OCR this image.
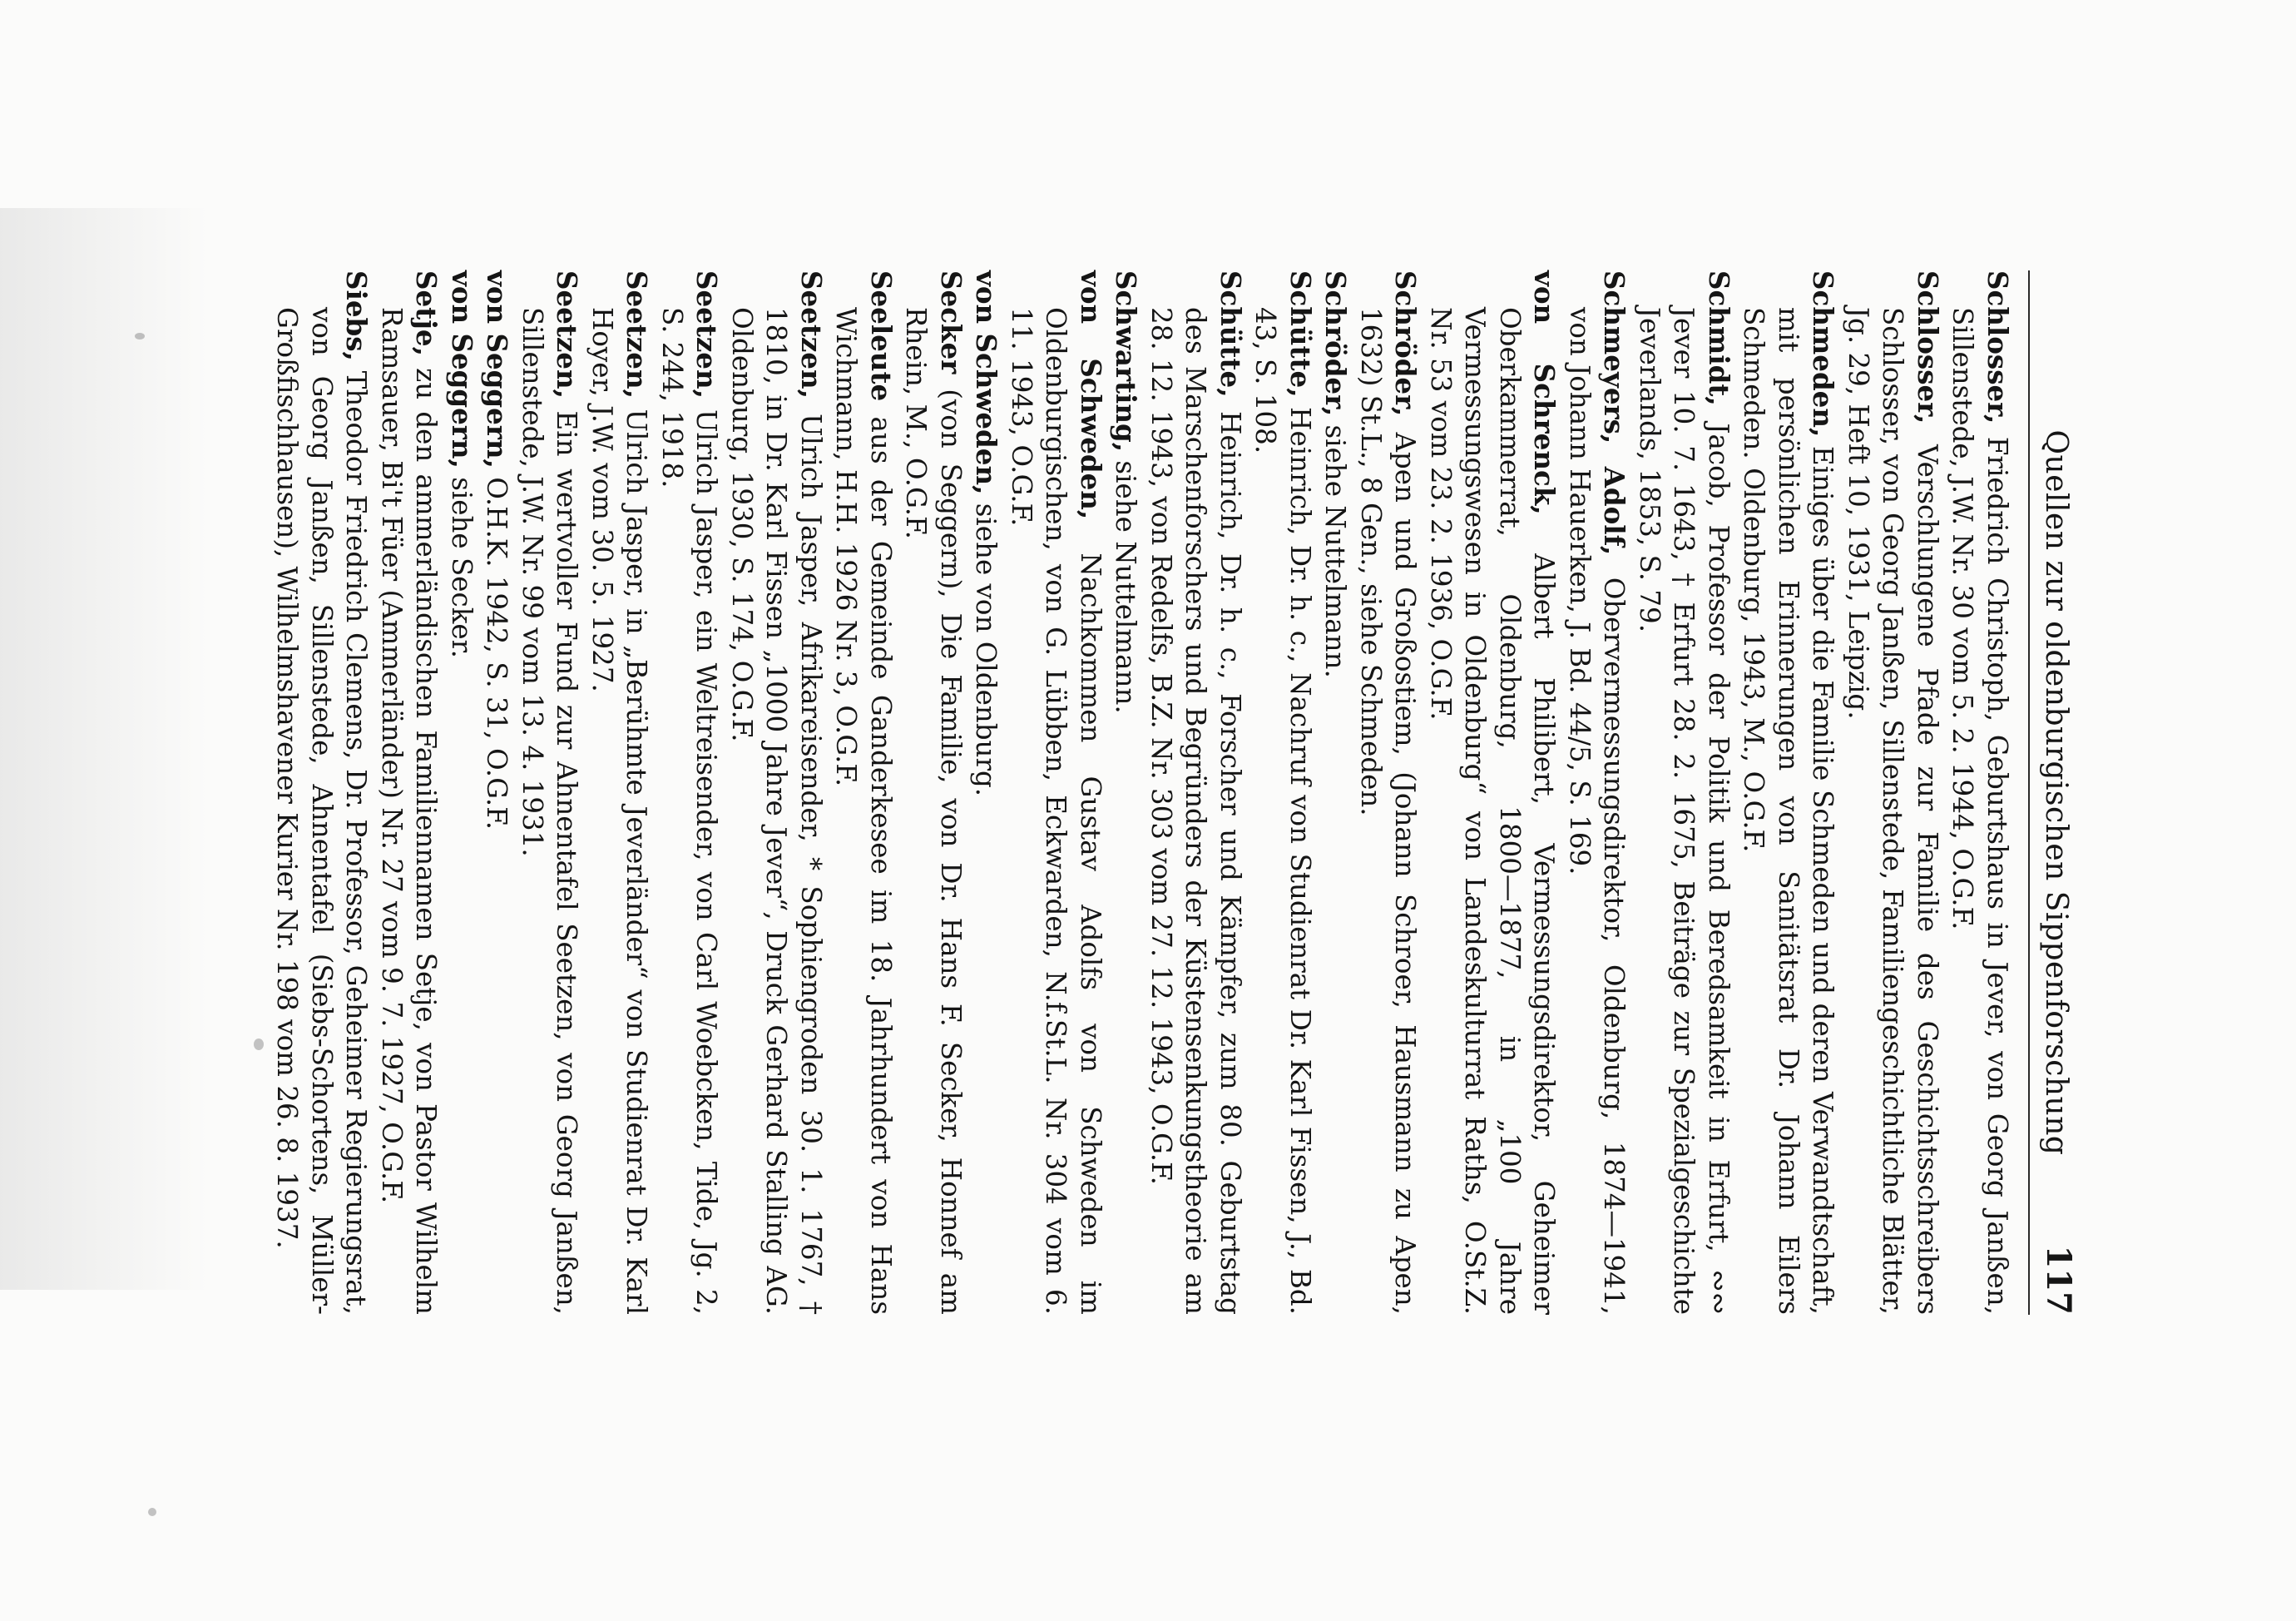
Quellen zur oldenburgischen Sippenforschung
117

Schlosser, Friedrich Christoph, Geburtshaus in Jever, von Georg Janßen, Sillenstede, J.W. Nr. 30 vom 5. 2. 1944, O.G.F.

Schlosser, Verschlungene Pfade zur Familie des Geschichtsschreibers Schlosser, von Georg Janßen, Sillenstede, Familiengeschichtliche Blätter, Jg. 29, Heft 10, 1931, Leipzig.

Schmeden, Einiges über die Familie Schmeden und deren Verwandtschaft, mit persönlichen Erinnerungen von Sanitätsrat Dr. Johann Eilers Schmeden. Oldenburg, 1943, M., O.G.F.

Schmidt, Jacob, Professor der Politik und Beredsamkeit in Erfurt, ∾∾ Jever 10. 7. 1643, † Erfurt 28. 2. 1675, Beiträge zur Spezialgeschichte Jeverlands, 1853, S. 79.

Schmeyers, Adolf, Obervermessungsdirektor, Oldenburg, 1874—1941, von Johann Hauerken, J. Bd. 44/5, S. 169.

von Schrenck, Albert Philibert, Vermessungsdirektor, Geheimer Oberkammerrat, Oldenburg, 1800—1877, in „100 Jahre Vermessungswesen in Oldenburg“ von Landeskulturrat Raths, O.St.Z. Nr. 53 vom 23. 2. 1936, O.G.F.

Schröder, Apen und Großostiem, (Johann Schroer, Hausmann zu Apen, 1632) St.L., 8 Gen., siehe Schmeden.

Schröder, siehe Nuttelmann.

Schütte, Heinrich, Dr. h. c., Nachruf von Studienrat Dr. Karl Fissen, J., Bd. 43, S. 108.

Schütte, Heinrich, Dr. h. c., Forscher und Kämpfer, zum 80. Geburtstag des Marschenforschers und Begründers der Küstensenkungstheorie am 28. 12. 1943, von Redelfs, B.Z. Nr. 303 vom 27. 12. 1943, O.G.F.

Schwarting, siehe Nuttelmann.

von Schweden, Nachkommen Gustav Adolfs von Schweden im Oldenburgischen, von G. Lübben, Eckwarden, N.f.St.L. Nr. 304 vom 6. 11. 1943, O.G.F.

von Schweden, siehe von Oldenburg.

Secker (von Seggern), Die Familie, von Dr. Hans F. Secker, Honnef am Rhein, M., O.G.F.

Seeleute aus der Gemeinde Ganderkesee im 18. Jahrhundert von Hans Wichmann, H.H. 1926 Nr. 3, O.G.F.

Seetzen, Ulrich Jasper, Afrikareisender, * Sophiengroden 30. 1. 1767, † 1810, in Dr. Karl Fissen „1000 Jahre Jever“, Druck Gerhard Stalling AG. Oldenburg, 1930, S. 174, O.G.F.

Seetzen, Ulrich Jasper, ein Weltreisender, von Carl Woebcken, Tide, Jg. 2, S. 244, 1918.

Seetzen, Ulrich Jasper, in „Berühmte Jeverländer“ von Studienrat Dr. Karl Hoyer, J.W. vom 30. 5. 1927.

Seetzen, Ein wertvoller Fund zur Ahnentafel Seetzen, von Georg Janßen, Sillenstede, J.W. Nr. 99 vom 13. 4. 1931.

von Seggern, O.H.K. 1942, S. 31, O.G.F.

von Seggern, siehe Secker.

Setje, zu den ammerländischen Familiennamen Setje, von Pastor Wilhelm Ramsauer, Bi't Füer (Ammerländer) Nr. 27 vom 9. 7. 1927, O.G.F.

Siebs, Theodor Friedrich Clemens, Dr. Professor, Geheimer Regierungsrat, von Georg Janßen, Sillenstede, Ahnentafel (Siebs-Schortens, Müller-Großfischhausen), Wilhelmshavener Kurier Nr. 198 vom 26. 8. 1937.
